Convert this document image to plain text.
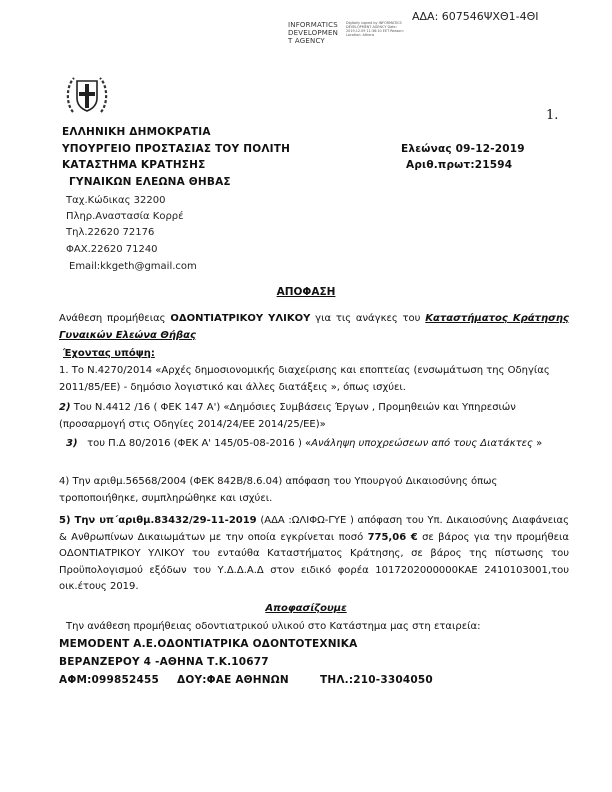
ΑΔΑ: 607546ΨΧΘ1-4ΘΙ
INFORMATICS
DEVELOPMEN
T AGENCY
Digitally signed by INFORMATICS DEVELOPMENT AGENCY Date: 2019.12.09 11:36:10 EET Reason: Location: Athens
1.
ΕΛΛΗΝΙΚΗ ΔΗΜΟΚΡΑΤΙΑ
ΥΠΟΥΡΓΕΙΟ ΠΡΟΣΤΑΣΙΑΣ ΤΟΥ ΠΟΛΙΤΗ
ΚΑΤΑΣΤΗΜΑ ΚΡΑΤΗΣΗΣ
ΓΥΝΑΙΚΩΝ ΕΛΕΩΝΑ ΘΗΒΑΣ
Ελεώνας 09-12-2019
Αριθ.πρωτ:21594
Ταχ.Κώδικας 32200
Πληρ.Αναστασία Κορρέ
Τηλ.22620 72176
ΦΑΧ.22620 71240
Email:kkgeth@gmail.com
ΑΠΟΦΑΣΗ
Ανάθεση προμήθειας ΟΔΟΝΤΙΑΤΡΙΚΟΥ ΥΛΙΚΟΥ για τις ανάγκες του Καταστήματος Κράτησης Γυναικών Ελεώνα Θήβας
Έχοντας υπόψη:
1. Το Ν.4270/2014 «Αρχές δημοσιονομικής διαχείρισης και εποπτείας (ενσωμάτωση της Οδηγίας 2011/85/ΕΕ) - δημόσιο λογιστικό και άλλες διατάξεις », όπως ισχύει.
2) Του Ν.4412 /16 ( ΦΕΚ 147 Α') «Δημόσιες Συμβάσεις Έργων , Προμηθειών και Υπηρεσιών (προσαρμογή στις Οδηγίες 2014/24/ΕΕ 2014/25/ΕΕ)»
3) του Π.Δ 80/2016 (ΦΕΚ Α' 145/05-08-2016 ) «Ανάληψη υποχρεώσεων από τους Διατάκτες »
4) Την αριθμ.56568/2004 (ΦΕΚ 842Β/8.6.04) απόφαση του Υπουργού Δικαιοσύνης όπως τροποποιήθηκε, συμπληρώθηκε και ισχύει.
5) Την υπ΄αριθμ.83432/29-11-2019 (ΑΔΑ :ΩΛΙΦΩ-ΓΥΕ ) απόφαση του Υπ. Δικαιοσύνης Διαφάνειας & Ανθρωπίνων Δικαιωμάτων με την οποία εγκρίνεται ποσό 775,06 € σε βάρος για την προμήθεια ΟΔΟΝΤΙΑΤΡΙΚΟΥ ΥΛΙΚΟΥ του ενταύθα Καταστήματος Κράτησης, σε βάρος της πίστωσης του Προϋπολογισμού εξόδων του Υ.Δ.Δ.Α.Δ στον ειδικό φορέα 1017202000000ΚΑΕ 2410103001,του οικ.έτους 2019.
Αποφασίζουμε
Την ανάθεση προμήθειας οδοντιατρικού υλικού στο Κατάστημα μας στη εταιρεία:
MEMODENT Α.Ε.ΟΔΟΝΤΙΑΤΡΙΚΑ ΟΔΟΝΤΟΤΕΧΝΙΚΑ
ΒΕΡΑΝΖΕΡΟΥ 4 -ΑΘΗΝΑ Τ.Κ.10677
ΑΦΜ:099852455 ΔΟΥ:ΦΑΕ ΑΘΗΝΩΝ	ΤΗΛ.:210-3304050
